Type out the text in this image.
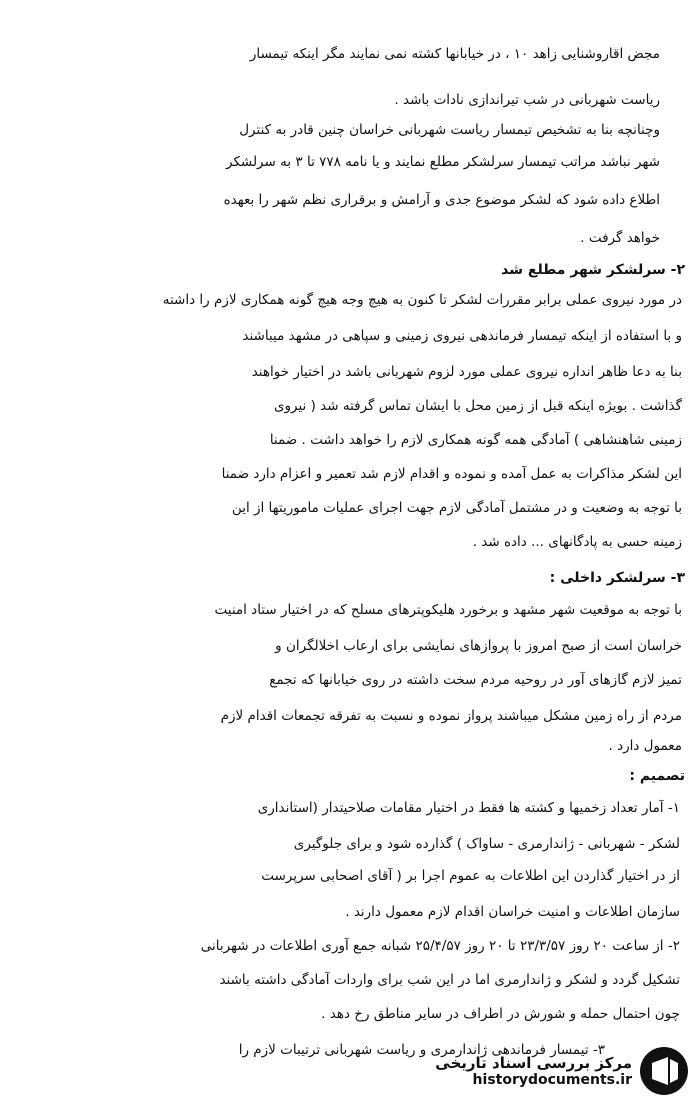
مجض اقاروشنایی زاهد ۱۰ ، در خیابانها کشته نمی نمایند مگر اینکه تیمسار
ریاست شهربانی در شب تیراندازی نادات باشد .
وچنانچه بنا به تشخیص تیمسار ریاست شهربانی خراسان چنین قادر به کنترل
شهر نباشد مراتب تیمسار سرلشکر مطلع نمایند و یا نامه ۷۷۸ تا ۳ به سرلشکر
اطلاع داده شود که لشکر موضوع جدی و آرامش و برقراری نظم شهر را بعهده
خواهد گرفت .
۲- سرلشکر شهر مطلع شد
در مورد نیروی عملی برابر مقررات لشکر تا کنون به هیچ وجه هیچ گونه همکاری لازم را داشته
و با استفاده از اینکه تیمسار فرماندهی نیروی زمینی و سپاهی در مشهد میباشند
بنا به دعا ظاهر انداره نیروی عملی مورد لزوم شهربانی باشد در اختیار خواهند
گذاشت . بویژه اینکه قبل از زمین محل با ایشان تماس گرفته شد ( نیروی
زمینی شاهنشاهی ) آمادگی همه گونه همکاری لازم را خواهد داشت . ضمنا
این لشکر مذاکرات به عمل آمده و نموده و اقدام لازم شد تعمیر و اعزام دارد ضمنا
با توجه به وضعیت و در مشتمل آمادگی لازم جهت اجرای عملیات ماموریتها از این
زمینه حسی به پادگانهای ... داده شد .
۳- سرلشکر داخلی :
با توجه به موقعیت شهر مشهد و برخورد هلیکوپترهای مسلح که در اختیار ستاد امنیت
خراسان است از صبح امروز با پروازهای نمایشی برای ارعاب اخلالگران و
تمیز لازم گازهای آور در روحیه مردم سخت داشته در روی خیابانها که تجمع
مردم از راه زمین مشکل میباشند پرواز نموده و نسبت به تفرقه تجمعات اقدام لازم
معمول دارد .
تصمیم :
۱- آمار تعداد زخمیها و کشته ها فقط در اختیار مقامات صلاحیتدار (استانداری
لشکر - شهربانی - ژاندارمری - ساواک ) گذارده شود و برای جلوگیری
از در اختیار گذاردن این اطلاعات به عموم اجرا بر ( آقای اصحابی سرپرست
سازمان اطلاعات و امنیت خراسان اقدام لازم معمول دارند .
۲- از ساعت ۲۰ روز ۲۳/۳/۵۷ تا ۲۰ روز ۲۵/۴/۵۷ شبانه جمع آوری اطلاعات در شهربانی
تشکیل گردد و لشکر و ژاندارمری اما در این شب برای واردات آمادگی داشته باشند
چون احتمال حمله و شورش در اطراف در سایر مناطق رخ دهد .
۳- تیمسار فرماندهی ژاندارمری و ریاست شهربانی ترتیبات لازم را
مرکز بررسی اسناد تاریخی
historydocuments.ir
